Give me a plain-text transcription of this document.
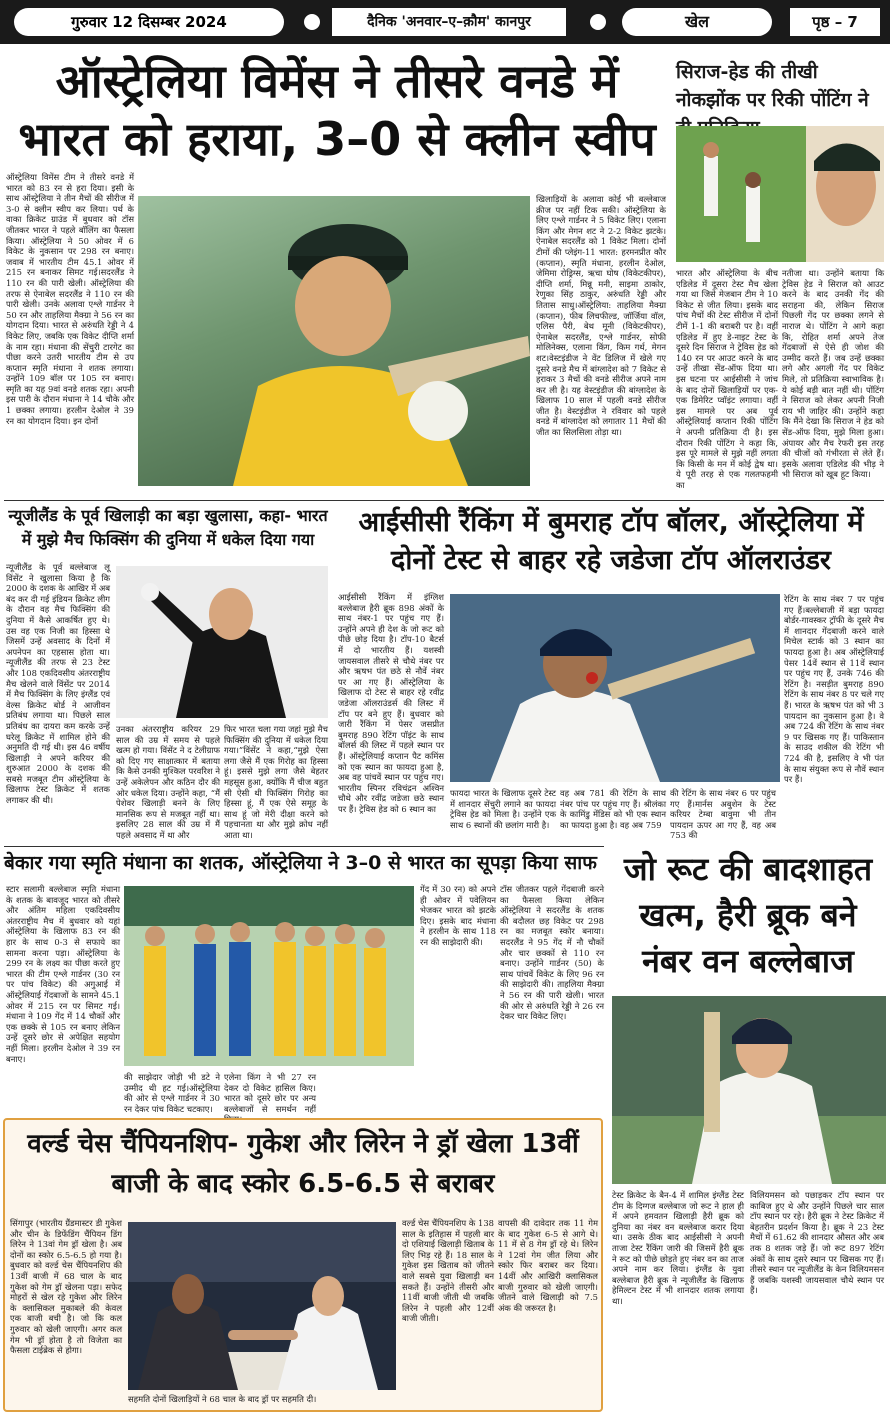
गुरुवार 12 दिसम्बर 2024	दैनिक 'अनवार–ए–क़ौम' कानपुर	खेल	पृष्ठ – 7
ऑस्ट्रेलिया विमेंस ने तीसरे वनडे में भारत को हराया, 3–0 से क्लीन स्वीप
ऑस्ट्रेलिया विमेंस टीम ने तीसरे वनडे में भारत को 83 रन से हरा दिया। इसी के साथ ऑस्ट्रेलिया ने तीन मैचों की सीरीज में 3-0 से क्लीन स्वीप कर लिया। पर्थ के वाका क्रिकेट ग्राउंड में बुधवार को टॉस जीतकर भारत ने पहले बॉलिंग का फैसला किया। ऑस्ट्रेलिया ने 50 ओवर में 6 विकेट के नुकसान पर 298 रन बनाए। जवाब में भारतीय टीम 45.1 ओवर में 215 रन बनाकर सिमट गई।सदरलैंड ने 110 रन की पारी खेली। ऑस्ट्रेलिया की तरफ से ऐनाबेल सदरलैंड ने 110 रन की पारी खेली। उनके अलावा एश्ले गार्डनर ने 50 रन और ताहलिया मैक्ग्रा ने 56 रन का योगदान दिया। भारत से अरुंधति रेड्डी ने 4 विकेट लिए, जबकि एक विकेट दीप्ति शर्मा के नाम रहा। मंधाना की सेंचुरी टारगेट का पीछा करने उतरी भारतीय टीम से उप कप्तान स्मृति मंधाना ने शतक लगाया। उन्होंने 109 बॉल पर 105 रन बनाए। स्मृति का यह 9वां वनडे शतक रहा। अपनी इस पारी के दौरान मंधाना ने 14 चौके और 1 छक्का लगाया। हरलीन देओल ने 39 रन का योगदान दिया। इन दोनों
खिलाड़ियों के अलावा कोई भी बल्लेबाज क्रीज पर नहीं टिक सकी। ऑस्ट्रेलिया के लिए एश्ले गार्डनर ने 5 विकेट लिए। एलाना किंग और मेगन शट ने 2-2 विकेट झटके। ऐनाबेल सदरलैंड को 1 विकेट मिला। दोनों टीमों की प्लेइंग-11 भारत: हरमनप्रीत कौर (कप्तान), स्मृति मंधाना, हरलीन देओल, जेमिमा रोड्रिग्स, ऋचा घोष (विकेटकीपर), दीप्ति शर्मा, मिन्नू मनी, साइमा ठाकोर, रेणुका सिंह ठाकुर, अरुंधति रेड्डी और तितास साधु।ऑस्ट्रेलिया: ताहलिया मैक्ग्रा (कप्तान), फीब लिचफील्ड, जॉर्जिया वॉल, एलिस पैरी, बेथ मूनी (विकेटकीपर), ऐनाबेल सदरलैंड, एश्ले गार्डनर, सोफी मोलिनेक्स, एलाना किंग, किम गर्थ, मेगन शट।वेस्टइंडीज ने वेंट डिलिज में खेले गए दूसरे वनडे मैच में बांग्लादेश को 7 विकेट से हराकर 3 मैचों की वनडे सीरीज अपने नाम कर ली है। यह वेस्टइंडीज की बांग्लादेश के खिलाफ 10 साल में पहली वनडे सीरीज जीत है। वेस्टइंडीज ने रविवार को पहले वनडे में बांग्लादेश को लगातार 11 मैचों की जीत का सिलसिला तोड़ा था।
सिराज-हेड की तीखी नोकझोंक पर रिकी पोंटिंग ने
भारत और ऑस्ट्रेलिया के बीच एडिलेड में दूसरा टेस्ट मैच खेला गया था जिसे मेजबान टीम ने 10 विकेट से जीत लिया। इसके बाद पांच मैचों की टेस्ट सीरीज में दोनों टीमें 1-1 की बराबरी पर है। वहीं एडिलेड में हुए डे-नाइट टेस्ट के दूसरे दिन सिराज ने ट्रेविस हेड को 140 रन पर आउट करने के बाद उन्हें तीखा सेंड-ऑफ दिया था। इस घटना पर आईसीसी ने जांच के बाद दोनों खिलाड़ियों पर एक-एक डिमेरिट प्वॉइंट लगाया। वहीं इस मामले पर अब पूर्व ऑस्ट्रेलियाई कप्तान रिकी पोंटिंग ने अपनी प्रतिक्रिया दी है। इस दौरान रिकी पोंटिंग ने कहा कि, इस पूरे मामले से मुझे नहीं लगता कि किसी के मन में कोई द्वेष था। ये पूरी तरह से एक गलतफहमी का
नतीजा था। उन्होंने बताया कि ट्रेविस हेड ने सिराज को आउट करने के बाद उनकी गेंद की सराहना की, लेकिन सिराज पिछली गेंद पर छक्का लगने से नाराज थे। पोंटिंग ने आगे कहा कि, रोहित शर्मा अपने तेज गेंदबाजों से ऐसे ही जोश की उम्मीद करते हैं। जब उन्हें छक्का लगे और अगली गेंद पर विकेट मिले, तो प्रतिक्रिया स्वाभाविक है। ये कोई बड़ी बात नहीं थी। पोंटिंग ने सिराज को लेकर अपनी निजी राय भी जाहिर की। उन्होंने कहा कि मैंने देखा कि सिराज ने हेड को सेंड-ऑफ दिया, मुझे मिला हुआ। अंपायर और मैच रेफरी इस तरह की चीजों को गंभीरता से लेते हैं। इसके अलावा एडिलेड की भीड़ ने भी सिराज को खूब हूट किया।
न्यूजीलैंड के पूर्व खिलाड़ी का बड़ा खुलासा, कहा- भारत में मुझे मैच फिक्सिंग की दुनिया में धकेल दिया गया
न्यूजीलैंड के पूर्व बल्लेबाज लू विंसेंट ने खुलासा किया है कि 2000 के दशक के आखिर में अब बंद कर दी गई इंडियन क्रिकेट लीग के दौरान वह मैच फिक्सिंग की दुनिया में कैसे आकर्षित हुए थे। उस वह एक निजी का हिस्सा थे जिसमें उन्हें अवसाद के दिनों में अपनेपन का एहसास होता था। न्यूजीलैंड की तरफ से 23 टेस्ट और 108 एकदिवसीय अंतरराष्ट्रीय मैच खेलने वाले विंसेंट पर 2014 में मैच फिक्सिंग के लिए इंग्लैंड एवं वेल्स क्रिकेट बोर्ड ने आजीवन प्रतिबंध लगाया था। पिछले साल प्रतिबंध का दायरा कम करके उन्हें घरेलू क्रिकेट में शामिल होने की अनुमति दी गई थी। इस 46 वर्षीय खिलाड़ी ने अपने करियर की शुरुआत 2000 के दशक की सबसे मजबूत टीम ऑस्ट्रेलिया के खिलाफ टेस्ट क्रिकेट में शतक लगाकर की थी।
उनका अंतरराष्ट्रीय करियर 29 साल की उम्र में समय से पहले खत्म हो गया। विंसेंट ने द टेलीग्राफ को दिए गए साक्षात्कार में बताया कि कैसे उनकी मुश्किल परवरिश ने उन्हें अकेलेपन और कठिन दौर की ओर धकेल दिया। उन्होंने कहा, “मैं पेशेवर खिलाड़ी बनने के लिए मानसिक रूप से मजबूत नहीं था। इसलिए 28 साल की उम्र में मैं पहले अवसाद में था और
फिर भारत चला गया जहां मुझे मैच फिक्सिंग की दुनिया में धकेल दिया गया।”विंसेंट ने कहा,“मुझे ऐसा लगा जैसे मैं एक गिरोह का हिस्सा हूं। इससे मुझे लगा जैसे बेहतर महसूस हुआ, क्योंकि मैं चीज बहुत सी ऐसी थी फिक्सिंग गिरोह का हिस्सा हूं, मैं एक ऐसे समूह के साथ हूं जो मेरी दीक्षा करने को पहचानता था और मुझे क्रोध नहीं आता था।
आईसीसी रैंकिंग में बुमराह टॉप बॉलर, ऑस्ट्रेलिया में दोनों टेस्ट से बाहर रहे जडेजा टॉप ऑलराउंडर
आईसीसी रैंकिंग में इंग्लिश बल्लेबाज हैरी ब्रूक 898 अंकों के साथ नंबर-1 पर पहुंच गए हैं। उन्होंने अपने ही देश के जो रूट को पीछे छोड़ दिया है। टॉप-10 बैटर्स में दो भारतीय हैं। यशस्वी जायसवाल तीसरे से चौथे नंबर पर और ऋषभ पंत छठे से नौवें नंबर पर आ गए हैं। ऑस्ट्रेलिया के खिलाफ दो टेस्ट से बाहर रहे रवींद्र जडेजा ऑलराउंडर्स की लिस्ट में टॉप पर बने हुए हैं। बुधवार को जारी रैंकिंग में पेसर जसप्रीत बुमराह 890 रेटिंग पॉइंट के साथ बॉलर्स की लिस्ट में पहले स्थान पर हैं। ऑस्ट्रेलियाई कप्तान पैट कमिंस को एक स्थान का फायदा हुआ है, अब वह पांचवें स्थान पर पहुंच गए। भारतीय स्पिनर रविचंद्रन अश्विन चौथे और रवींद्र जडेजा छठे स्थान पर हैं। ट्रेविस हेड को 6 स्थान का
फायदा भारत के खिलाफ दूसरे टेस्ट में शानदार सेंचुरी लगाने का फायदा ट्रेविस हेड को मिला है। उन्होंने एक साथ 6 स्थानों की छलांग मारी है।
वह अब 781 की रेटिंग के साथ नंबर पांच पर पहुंच गए हैं। श्रीलंका के कामिंडु मेंडिस को भी एक स्थान का फायदा हुआ है। वह अब 759
की रेटिंग के साथ नंबर 6 पर पहुंच गए हैं।मार्नस अबुशेन के टेस्ट करियर टेम्बा बावुमा भी तीन पायदान ऊपर आ गए हैं, वह अब 753 की
रेटिंग के साथ नंबर 7 पर पहुंच गए हैं।बल्लेबाजी में बड़ा फायदा बोर्डर-गावस्कर ट्रॉफी के दूसरे मैच में शानदार गेंदबाजी करने वाले मिचेल स्टार्क को 3 स्थान का फायदा हुआ है। अब ऑस्ट्रेलियाई पेसर 14वें स्थान से 11वें स्थान पर पहुंच गए हैं, उनके 746 की रेटिंग है। नसड़ीत बुमराह 890 रेटिंग के साथ नंबर 8 पर चले गए हैं। भारत के ऋषभ पंत को भी 3 पायदान का नुकसान हुआ है। वे अब 724 की रेटिंग के साथ नंबर 9 पर खिसक गए हैं। पाकिस्तान के साउद शकील की रेटिंग भी 724 की है, इसलिए वे भी पंत के साथ संयुक्त रूप से नौवें स्थान पर हैं।
बेकार गया स्मृति मंधाना का शतक, ऑस्ट्रेलिया ने 3–0 से भारत का सूपड़ा किया साफ
स्टार सलामी बल्लेबाज स्मृति मंधाना के शतक के बावजूद भारत को तीसरे और अंतिम महिला एकदिवसीय अंतरराष्ट्रीय मैच में बुधवार को यहां ऑस्ट्रेलिया के खिलाफ 83 रन की हार के साथ 0-3 से सफाये का सामना करना पड़ा। ऑस्ट्रेलिया के 299 रन के लक्ष्य का पीछा करते हुए भारत की टीम एश्ले गार्डनर (30 रन पर पांच विकेट) की अगुआई में ऑस्ट्रेलियाई गेंदबाजों के सामने 45.1 ओवर में 215 रन पर सिमट गई। मंधाना ने 109 गेंद में 14 चौकों और एक छक्के से 105 रन बनाए लेकिन उन्हें दूसरे छोर से अपेक्षित सहयोग नहीं मिला। हरलीन देओल ने 39 रन बनाए।
की साझेदार जोड़ी भी डटे ने उम्मीद थी हट गई।ऑस्ट्रेलिया की ओर से एश्ले गार्डनर ने 30 रन देकर पांच विकेट चटकाए।
एलेना किंग ने भी 27 रन देकर दो विकेट हासिल किए। भारत को दूसरे छोर पर अन्य बल्लेबाजों से समर्थन नहीं
गेंद में 30 रन) को अपने ही ओवर में पवेलियन भेजकर भारत को झटके दिए। इसके बाद मंधाना ने हरलीन के साथ 118 रन की साझेदारी की।
टॉस जीतकर पहले गेंदबाजी करने का फैसला किया लेकिन ऑस्ट्रेलिया ने सदरलैंड के शतक की बदौलत छह विकेट पर 298 रन का मजबूत स्कोर बनाया। सदरलैंड ने 95 गेंद में नौ चौकों और चार छक्कों से 110 रन बनाए। उन्होंने गार्डनर (50) के साथ पांचवें विकेट के लिए 96 रन की साझेदारी की। ताहलिया मैक्ग्रा ने 56 रन की पारी खेली। भारत की ओर से अरुंधति रेड्डी ने 26 रन देकर चार विकेट लिए।
जो रूट की बादशाहत खत्म, हैरी ब्रूक बने नंबर वन बल्लेबाज
टेस्ट क्रिकेट के बैन-4 में शामिल इंग्लैंड टेस्ट टीम के दिग्गज बल्लेबाज जो रूट ने हाल ही में अपने हमवतन खिलाड़ी हैरी ब्रूक को दुनिया का नंबर वन बल्लेबाज करार दिया था। उसके ठीक बाद आईसीसी ने अपनी ताजा टेस्ट रैंकिंग जारी की जिसमें हैरी ब्रूक ने रूट को पीछे छोड़ते हुए नंबर वन का ताज अपने नाम कर लिया। इंग्लैंड के युवा बल्लेबाज हैरी ब्रूक ने न्यूजीलैंड के खिलाफ हेमिल्टन टेस्ट में भी शानदार शतक लगाया था।
विलियमसन को पछाड़कर टॉप स्थान पर काबिज हुए थे और उन्होंने पिछले चार साल टॉप स्थान पर रहे। हैरी ब्रूक ने टेस्ट क्रिकेट में बेहतरीन प्रदर्शन किया है। ब्रूक ने 23 टेस्ट मैचों में 61.62 की शानदार औसत और अब तक 8 शतक जड़े हैं। जो रूट 897 रेटिंग अंकों के साथ दूसरे स्थान पर खिसक गए हैं। तीसरे स्थान पर न्यूजीलैंड के केन विलियमसन हैं जबकि यशस्वी जायसवाल चौथे स्थान पर हैं।
वर्ल्ड चेस चैंपियनशिप- गुकेश और लिरेन ने ड्रॉ खेला 13वीं बाजी के बाद स्कोर 6.5-6.5 से बराबर
सिंगापुर (भारतीय ग्रैंडमास्टर डी गुकेश और चीन के डिफेंडिंग चैंपियन डिंग लिरेन ने 13वां गेम ड्रॉ खेला है। अब दोनों का स्कोर 6.5-6.5 हो गया है। बुधवार को वर्ल्ड चेस चैंपियनशिप की 13वीं बाजी में 68 चाल के बाद गुकेश को गेम ड्रॉ खेलना पड़ा। सफेद मोहरों से खेल रहे गुकेश और लिरेन के क्लासिकल मुकाबले की केवल एक बाजी बची है। जो कि कल गुरुवार को खेली जाएगी। अगर कल गेम भी ड्रॉ होता है तो विजेता का फैसला टाईब्रेक से होगा।
सहमति दोनों खिलाड़ियों ने 68 चाल के बाद ड्रॉ पर सहमति दी।
वर्ल्ड चेस चैंपियनशिप के 138 साल के इतिहास में पहली बार दो एशियाई खिलाड़ी खिताब के लिए भिड़ रहे हैं। 18 साल के गुकेश इस खिताब को जीतने वाले सबसे युवा खिलाड़ी बन सकते हैं। उन्होंने तीसरी और 11वीं बाजी जीती थी जबकि लिरेन ने पहली और 12वीं बाजी जीती।
वापसी की दावेदार तक 11 गेम के बाद गुकेश 6-5 से आगे थे। 11 में से 8 गेम ड्रॉ रहे थे। लिरेन ने 12वां गेम जीत लिया और स्कोर फिर बराबर कर दिया। 14वीं और आखिरी क्लासिकल बाजी गुरुवार को खेली जाएगी। जीतने वाले खिलाड़ी को 7.5 अंक की जरूरत है।
